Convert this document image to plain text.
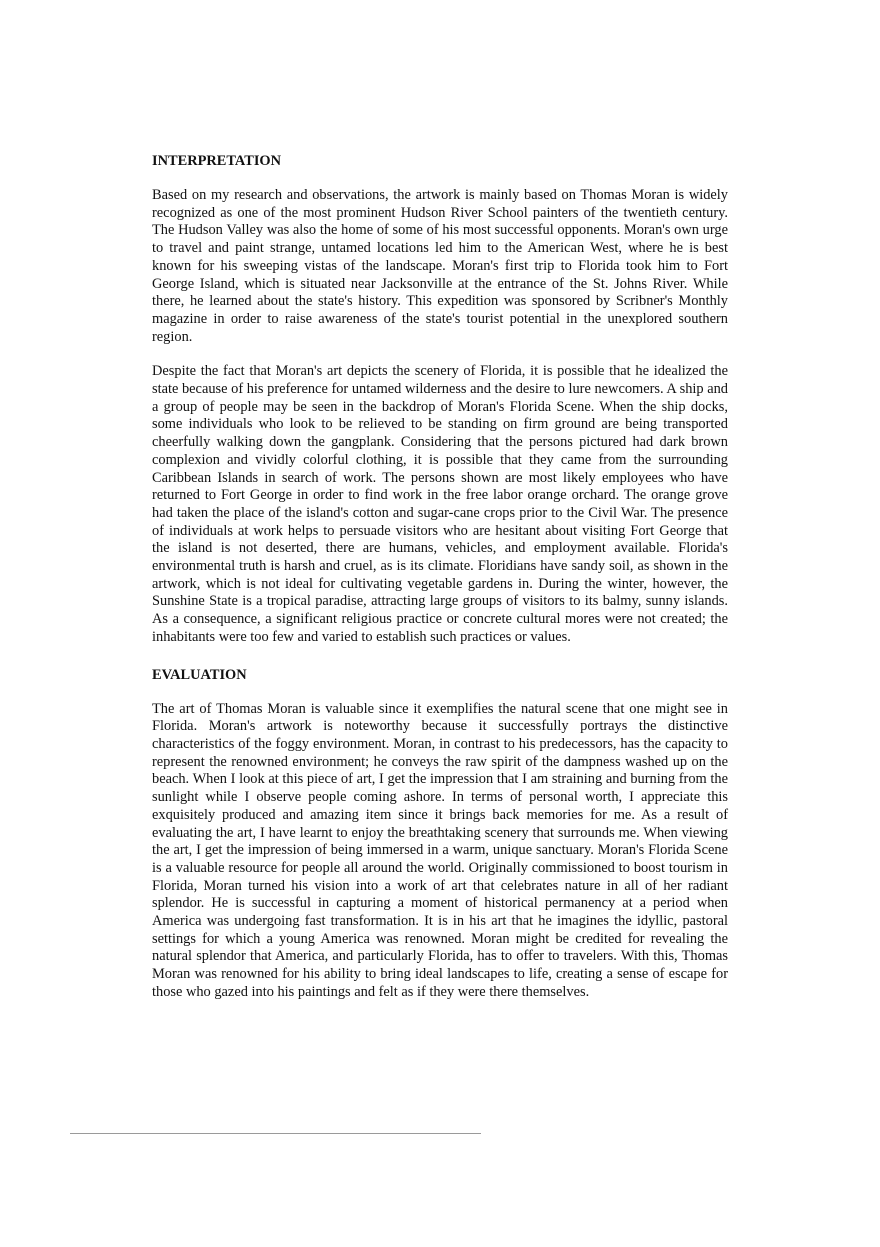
INTERPRETATION

Based on my research and observations, the artwork is mainly based on Thomas Moran is widely recognized as one of the most prominent Hudson River School painters of the twentieth century. The Hudson Valley was also the home of some of his most successful opponents. Moran's own urge to travel and paint strange, untamed locations led him to the American West, where he is best known for his sweeping vistas of the landscape. Moran's first trip to Florida took him to Fort George Island, which is situated near Jacksonville at the entrance of the St. Johns River. While there, he learned about the state's history. This expedition was sponsored by Scribner's Monthly magazine in order to raise awareness of the state's tourist potential in the unexplored southern region.

Despite the fact that Moran's art depicts the scenery of Florida, it is possible that he idealized the state because of his preference for untamed wilderness and the desire to lure newcomers. A ship and a group of people may be seen in the backdrop of Moran's Florida Scene. When the ship docks, some individuals who look to be relieved to be standing on firm ground are being transported cheerfully walking down the gangplank. Considering that the persons pictured had dark brown complexion and vividly colorful clothing, it is possible that they came from the surrounding Caribbean Islands in search of work. The persons shown are most likely employees who have returned to Fort George in order to find work in the free labor orange orchard. The orange grove had taken the place of the island's cotton and sugar-cane crops prior to the Civil War. The presence of individuals at work helps to persuade visitors who are hesitant about visiting Fort George that the island is not deserted, there are humans, vehicles, and employment available. Florida's environmental truth is harsh and cruel, as is its climate. Floridians have sandy soil, as shown in the artwork, which is not ideal for cultivating vegetable gardens in. During the winter, however, the Sunshine State is a tropical paradise, attracting large groups of visitors to its balmy, sunny islands. As a consequence, a significant religious practice or concrete cultural mores were not created; the inhabitants were too few and varied to establish such practices or values.

EVALUATION

The art of Thomas Moran is valuable since it exemplifies the natural scene that one might see in Florida. Moran's artwork is noteworthy because it successfully portrays the distinctive characteristics of the foggy environment. Moran, in contrast to his predecessors, has the capacity to represent the renowned environment; he conveys the raw spirit of the dampness washed up on the beach. When I look at this piece of art, I get the impression that I am straining and burning from the sunlight while I observe people coming ashore. In terms of personal worth, I appreciate this exquisitely produced and amazing item since it brings back memories for me. As a result of evaluating the art, I have learnt to enjoy the breathtaking scenery that surrounds me. When viewing the art, I get the impression of being immersed in a warm, unique sanctuary. Moran's Florida Scene is a valuable resource for people all around the world. Originally commissioned to boost tourism in Florida, Moran turned his vision into a work of art that celebrates nature in all of her radiant splendor. He is successful in capturing a moment of historical permanency at a period when America was undergoing fast transformation. It is in his art that he imagines the idyllic, pastoral settings for which a young America was renowned. Moran might be credited for revealing the natural splendor that America, and particularly Florida, has to offer to travelers. With this, Thomas Moran was renowned for his ability to bring ideal landscapes to life, creating a sense of escape for those who gazed into his paintings and felt as if they were there themselves.
